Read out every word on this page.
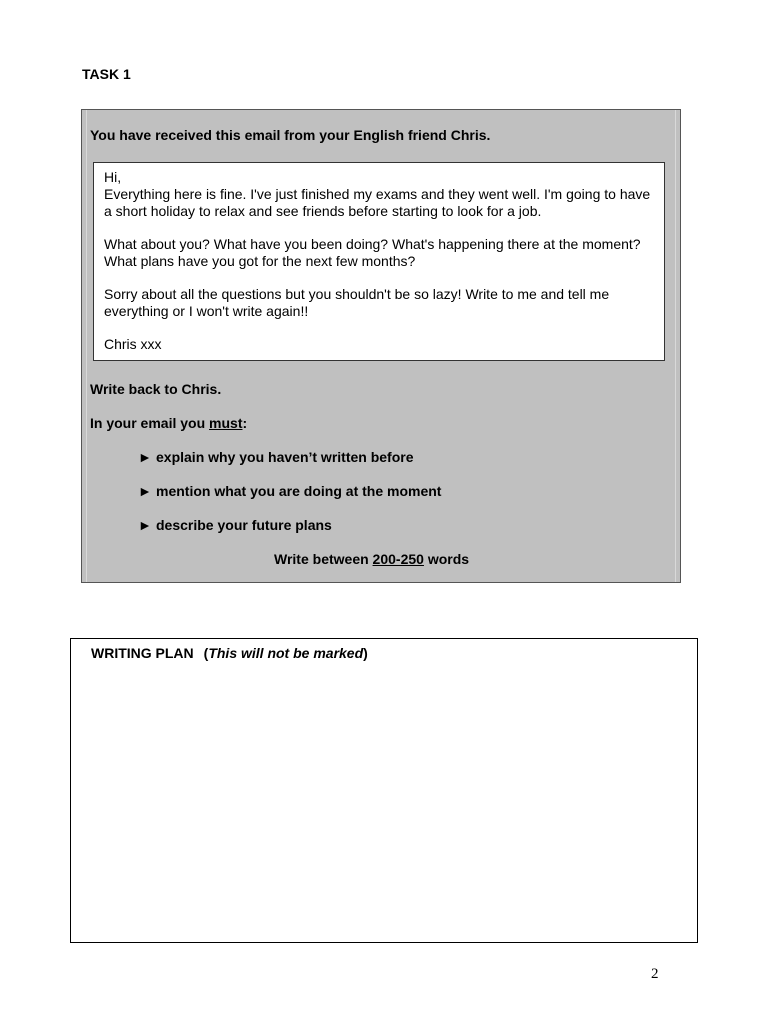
TASK 1
You have received this email from your English friend Chris.

Hi,

Everything here is fine. I've just finished my exams and they went well. I'm going to have a short holiday to relax and see friends before starting to look for a job.

What about you? What have you been doing? What's happening there at the moment? What plans have you got for the next few months?

Sorry about all the questions but you shouldn't be so lazy! Write to me and tell me everything or I won't write again!!

Chris xxx

Write back to Chris.
In your email you must:
► explain why you haven’t written before
► mention what you are doing at the moment
► describe your future plans
Write between 200-250 words
WRITING PLAN (This will not be marked)
2
